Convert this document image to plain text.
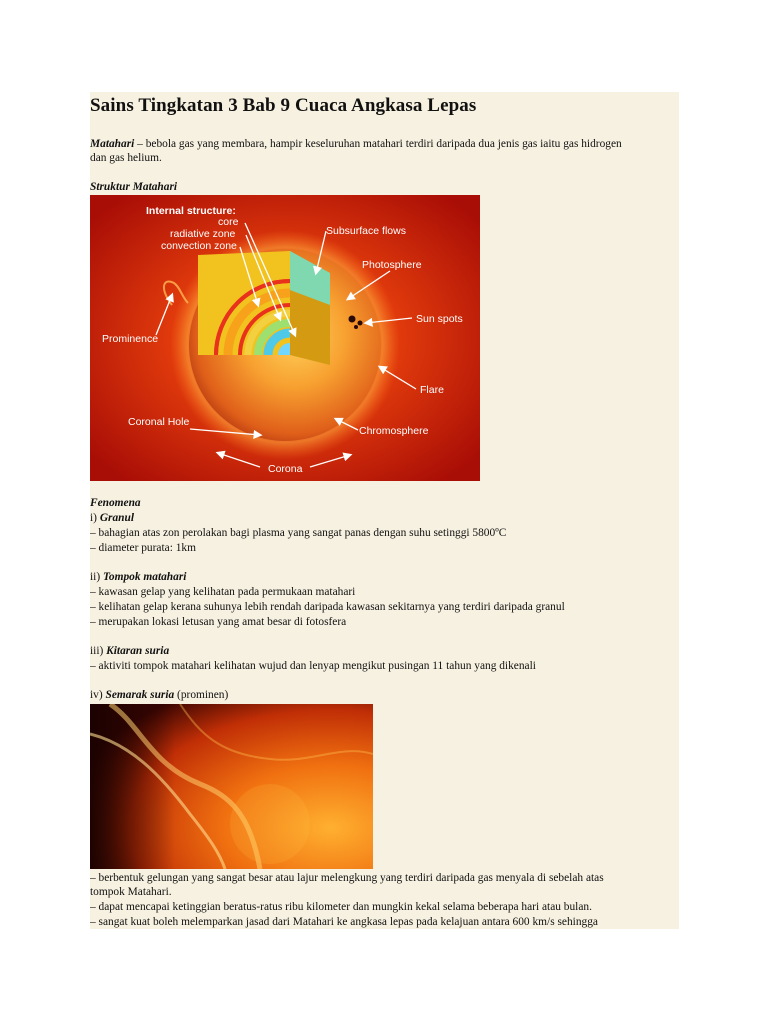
Sains Tingkatan 3 Bab 9 Cuaca Angkasa Lepas
Matahari – bebola gas yang membara, hampir keseluruhan matahari terdiri daripada dua jenis gas iaitu gas hidrogen
dan gas helium.
Struktur Matahari
Internal structure:
core
radiative zone
convection zone
Subsurface flows
Photosphere
Prominence
Sun spots
Flare
Coronal Hole
Chromosphere
Corona
Fenomena
i) Granul
– bahagian atas zon perolakan bagi plasma yang sangat panas dengan suhu setinggi 5800ºC
– diameter purata: 1km
ii) Tompok matahari
– kawasan gelap yang kelihatan pada permukaan matahari
– kelihatan gelap kerana suhunya lebih rendah daripada kawasan sekitarnya yang terdiri daripada granul
– merupakan lokasi letusan yang amat besar di fotosfera
iii) Kitaran suria
– aktiviti tompok matahari kelihatan wujud dan lenyap mengikut pusingan 11 tahun yang dikenali
iv) Semarak suria (prominen)
– berbentuk gelungan yang sangat besar atau lajur melengkung yang terdiri daripada gas menyala di sebelah atas
tompok Matahari.
– dapat mencapai ketinggian beratus-ratus ribu kilometer dan mungkin kekal selama beberapa hari atau bulan.
– sangat kuat boleh melemparkan jasad dari Matahari ke angkasa lepas pada kelajuan antara 600 km/s sehingga
